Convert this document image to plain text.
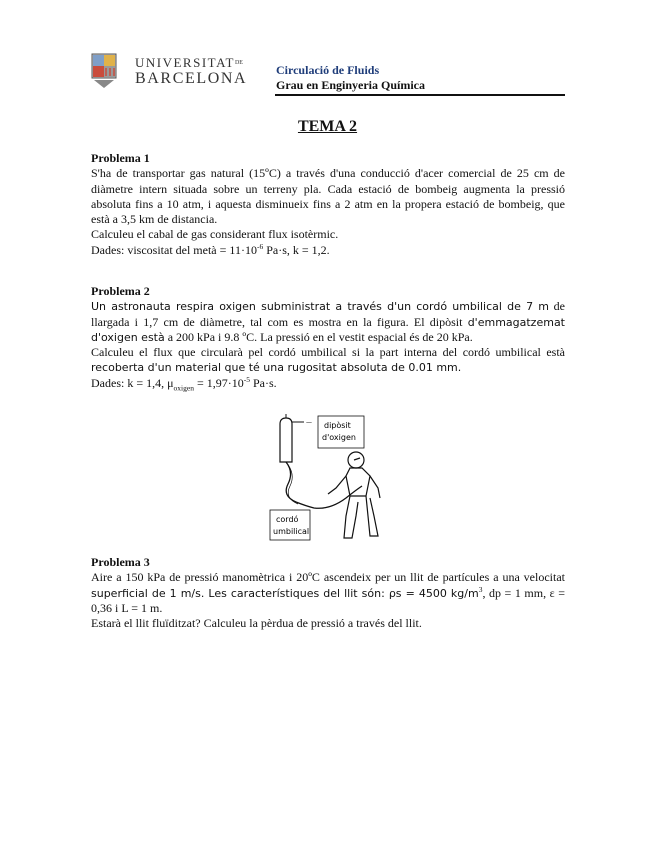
$UNIVERSITAT^{DE}$
BARCELONA Circulació de Fluids
Grau en Enginyeria Química
TEMA 2
Problema 1

S'ha de transportar gas natural (15ºC) a través d'una conducció d'acer comercial de 25 cm de diàmetre intern situada sobre un terreny pla. Cada estació de bombeig augmenta la pressió absoluta fins a 10 atm, i aquesta disminueix fins a 2 atm en la propera estació de bombeig, que està a 3,5 km de distancia.

Calculeu el cabal de gas considerant flux isotèrmic.

Dades: viscositat del metà = $11\cdot 10^{-6}$ Pa·s, k = 1,2.

Problema 2

Un astronauta respira oxigen subministrat a través d'un cordó umbilical de 7 m de llargada i 1,7 cm de diàmetre, tal com es mostra en la figura. El dipòsit d'emmagatzemat d'oxigen està a 200 kPa i 9.8 ºC. La pressió en el vestit espacial és de 20 kPa.

Calculeu el flux que circularà pel cordó umbilical si la part interna del cordó umbilical està recoberta d'un material que té una rugositat absoluta de 0.01 mm.

Dades: k = 1,4, $\mu_{oxigen} = 1,97\cdot 10^{-5}$ Pa·s.

— dipòsit
d'oxigen
cordó
umbilical
Problema 3

Aire a 150 kPa de pressió manomètrica i 20ºC ascendeix per un llit de partícules a una velocitat superficial de 1 m/s. Les característiques del llit són: ρs = 4500 $kg/m^3$, dp = 1 mm, ε = 0,36 i L = 1 m.

Estarà el llit fluïditzat? Calculeu la pèrdua de pressió a través del llit.
